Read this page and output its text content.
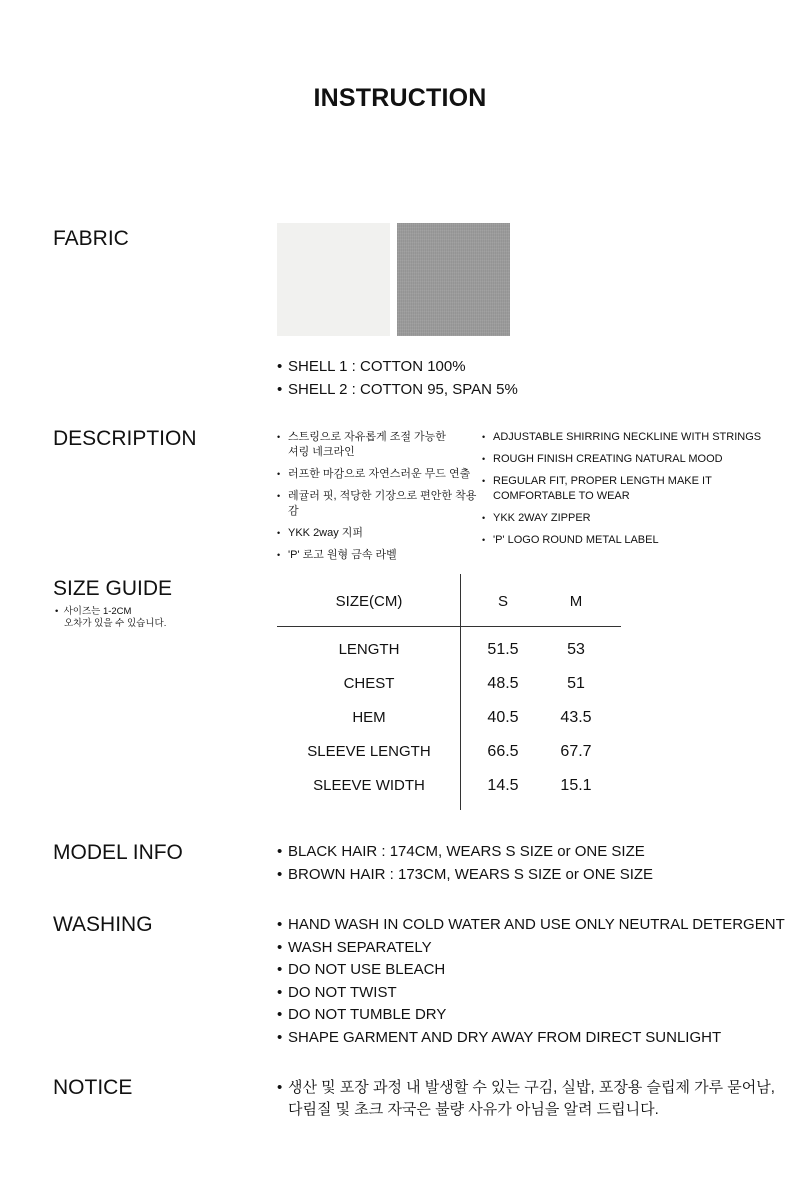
INSTRUCTION
FABRIC
• SHELL 1 : COTTON 100%
• SHELL 2 : COTTON 95, SPAN 5%
DESCRIPTION	• 스트링으로 자유롭게 조절 가능한
셔링 네크라인
• 러프한 마감으로 자연스러운 무드 연출
• 레귤러 핏, 적당한 기장으로 편안한 착용감
• YKK 2way 지퍼
• 'P' 로고 원형 금속 라벨
• ADJUSTABLE SHIRRING NECKLINE WITH STRINGS
• ROUGH FINISH CREATING NATURAL MOOD
• REGULAR FIT, PROPER LENGTH MAKE IT
COMFORTABLE TO WEAR
• YKK 2WAY ZIPPER
• 'P' LOGO ROUND METAL LABEL
SIZE GUIDE
•  사이즈는 1-2CM
오차가 있을 수 있습니다.
SIZE(CM)	S	M
LENGTH	51.5	53
CHEST	48.5	51
HEM	40.5	43.5
SLEEVE LENGTH	66.5	67.7
SLEEVE WIDTH	14.5	15.1
MODEL INFO	• BLACK HAIR : 174CM, WEARS S SIZE or ONE SIZE
• BROWN HAIR : 173CM, WEARS S SIZE or ONE SIZE
WASHING	• HAND WASH IN COLD WATER AND USE ONLY NEUTRAL DETERGENT
• WASH SEPARATELY
• DO NOT USE BLEACH
• DO NOT TWIST
• DO NOT TUMBLE DRY
• SHAPE GARMENT AND DRY AWAY FROM DIRECT SUNLIGHT
NOTICE	• 생산 및 포장 과정 내 발생할 수 있는 구김, 실밥, 포장용 슬립제 가루 묻어남,
다림질 및 초크 자국은 불량 사유가 아님을 알려 드립니다.
